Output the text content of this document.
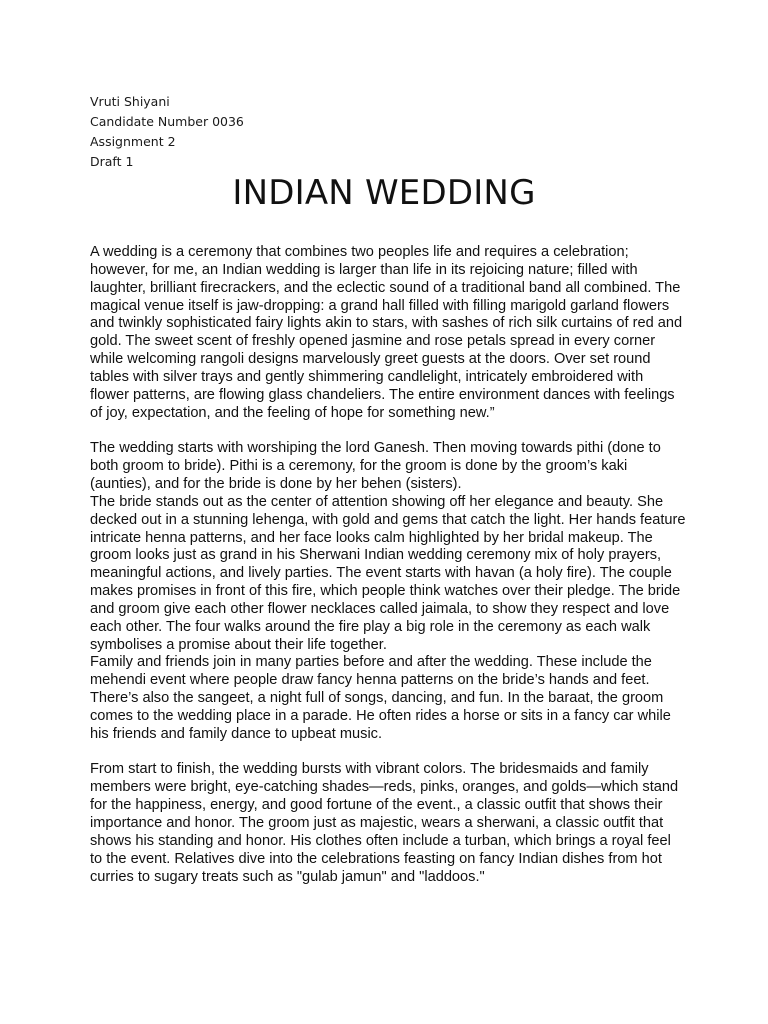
Vruti Shiyani
Candidate Number 0036
Assignment 2
Draft 1
INDIAN WEDDING

A wedding is a ceremony that combines two peoples life and requires a celebration; however, for me, an Indian wedding is larger than life in its rejoicing nature; filled with laughter, brilliant firecrackers, and the eclectic sound of a traditional band all combined. The magical venue itself is jaw-dropping: a grand hall filled with filling marigold garland flowers and twinkly sophisticated fairy lights akin to stars, with sashes of rich silk curtains of red and gold. The sweet scent of freshly opened jasmine and rose petals spread in every corner while welcoming rangoli designs marvelously greet guests at the doors. Over set round tables with silver trays and gently shimmering candlelight, intricately embroidered with flower patterns, are flowing glass chandeliers. The entire environment dances with feelings of joy, expectation, and the feeling of hope for something new.”

The wedding starts with worshiping the lord Ganesh. Then moving towards pithi (done to both groom to bride). Pithi is a ceremony, for the groom is done by the groom’s kaki (aunties), and for the bride is done by her behen (sisters).

The bride stands out as the center of attention showing off her elegance and beauty. She decked out in a stunning lehenga, with gold and gems that catch the light. Her hands feature intricate henna patterns, and her face looks calm highlighted by her bridal makeup. The groom looks just as grand in his Sherwani Indian wedding ceremony mix of holy prayers, meaningful actions, and lively parties. The event starts with havan (a holy fire). The couple makes promises in front of this fire, which people think watches over their pledge. The bride and groom give each other flower necklaces called jaimala, to show they respect and love each other. The four walks around the fire play a big role in the ceremony as each walk symbolises a promise about their life together.

Family and friends join in many parties before and after the wedding. These include the mehendi event where people draw fancy henna patterns on the bride’s hands and feet. There’s also the sangeet, a night full of songs, dancing, and fun. In the baraat, the groom comes to the wedding place in a parade. He often rides a horse or sits in a fancy car while his friends and family dance to upbeat music.

From start to finish, the wedding bursts with vibrant colors. The bridesmaids and family members were bright, eye-catching shades—reds, pinks, oranges, and golds—which stand for the happiness, energy, and good fortune of the event., a classic outfit that shows their importance and honor. The groom just as majestic, wears a sherwani, a classic outfit that shows his standing and honor. His clothes often include a turban, which brings a royal feel to the event. Relatives dive into the celebrations feasting on fancy Indian dishes from hot curries to sugary treats such as "gulab jamun" and "laddoos."
